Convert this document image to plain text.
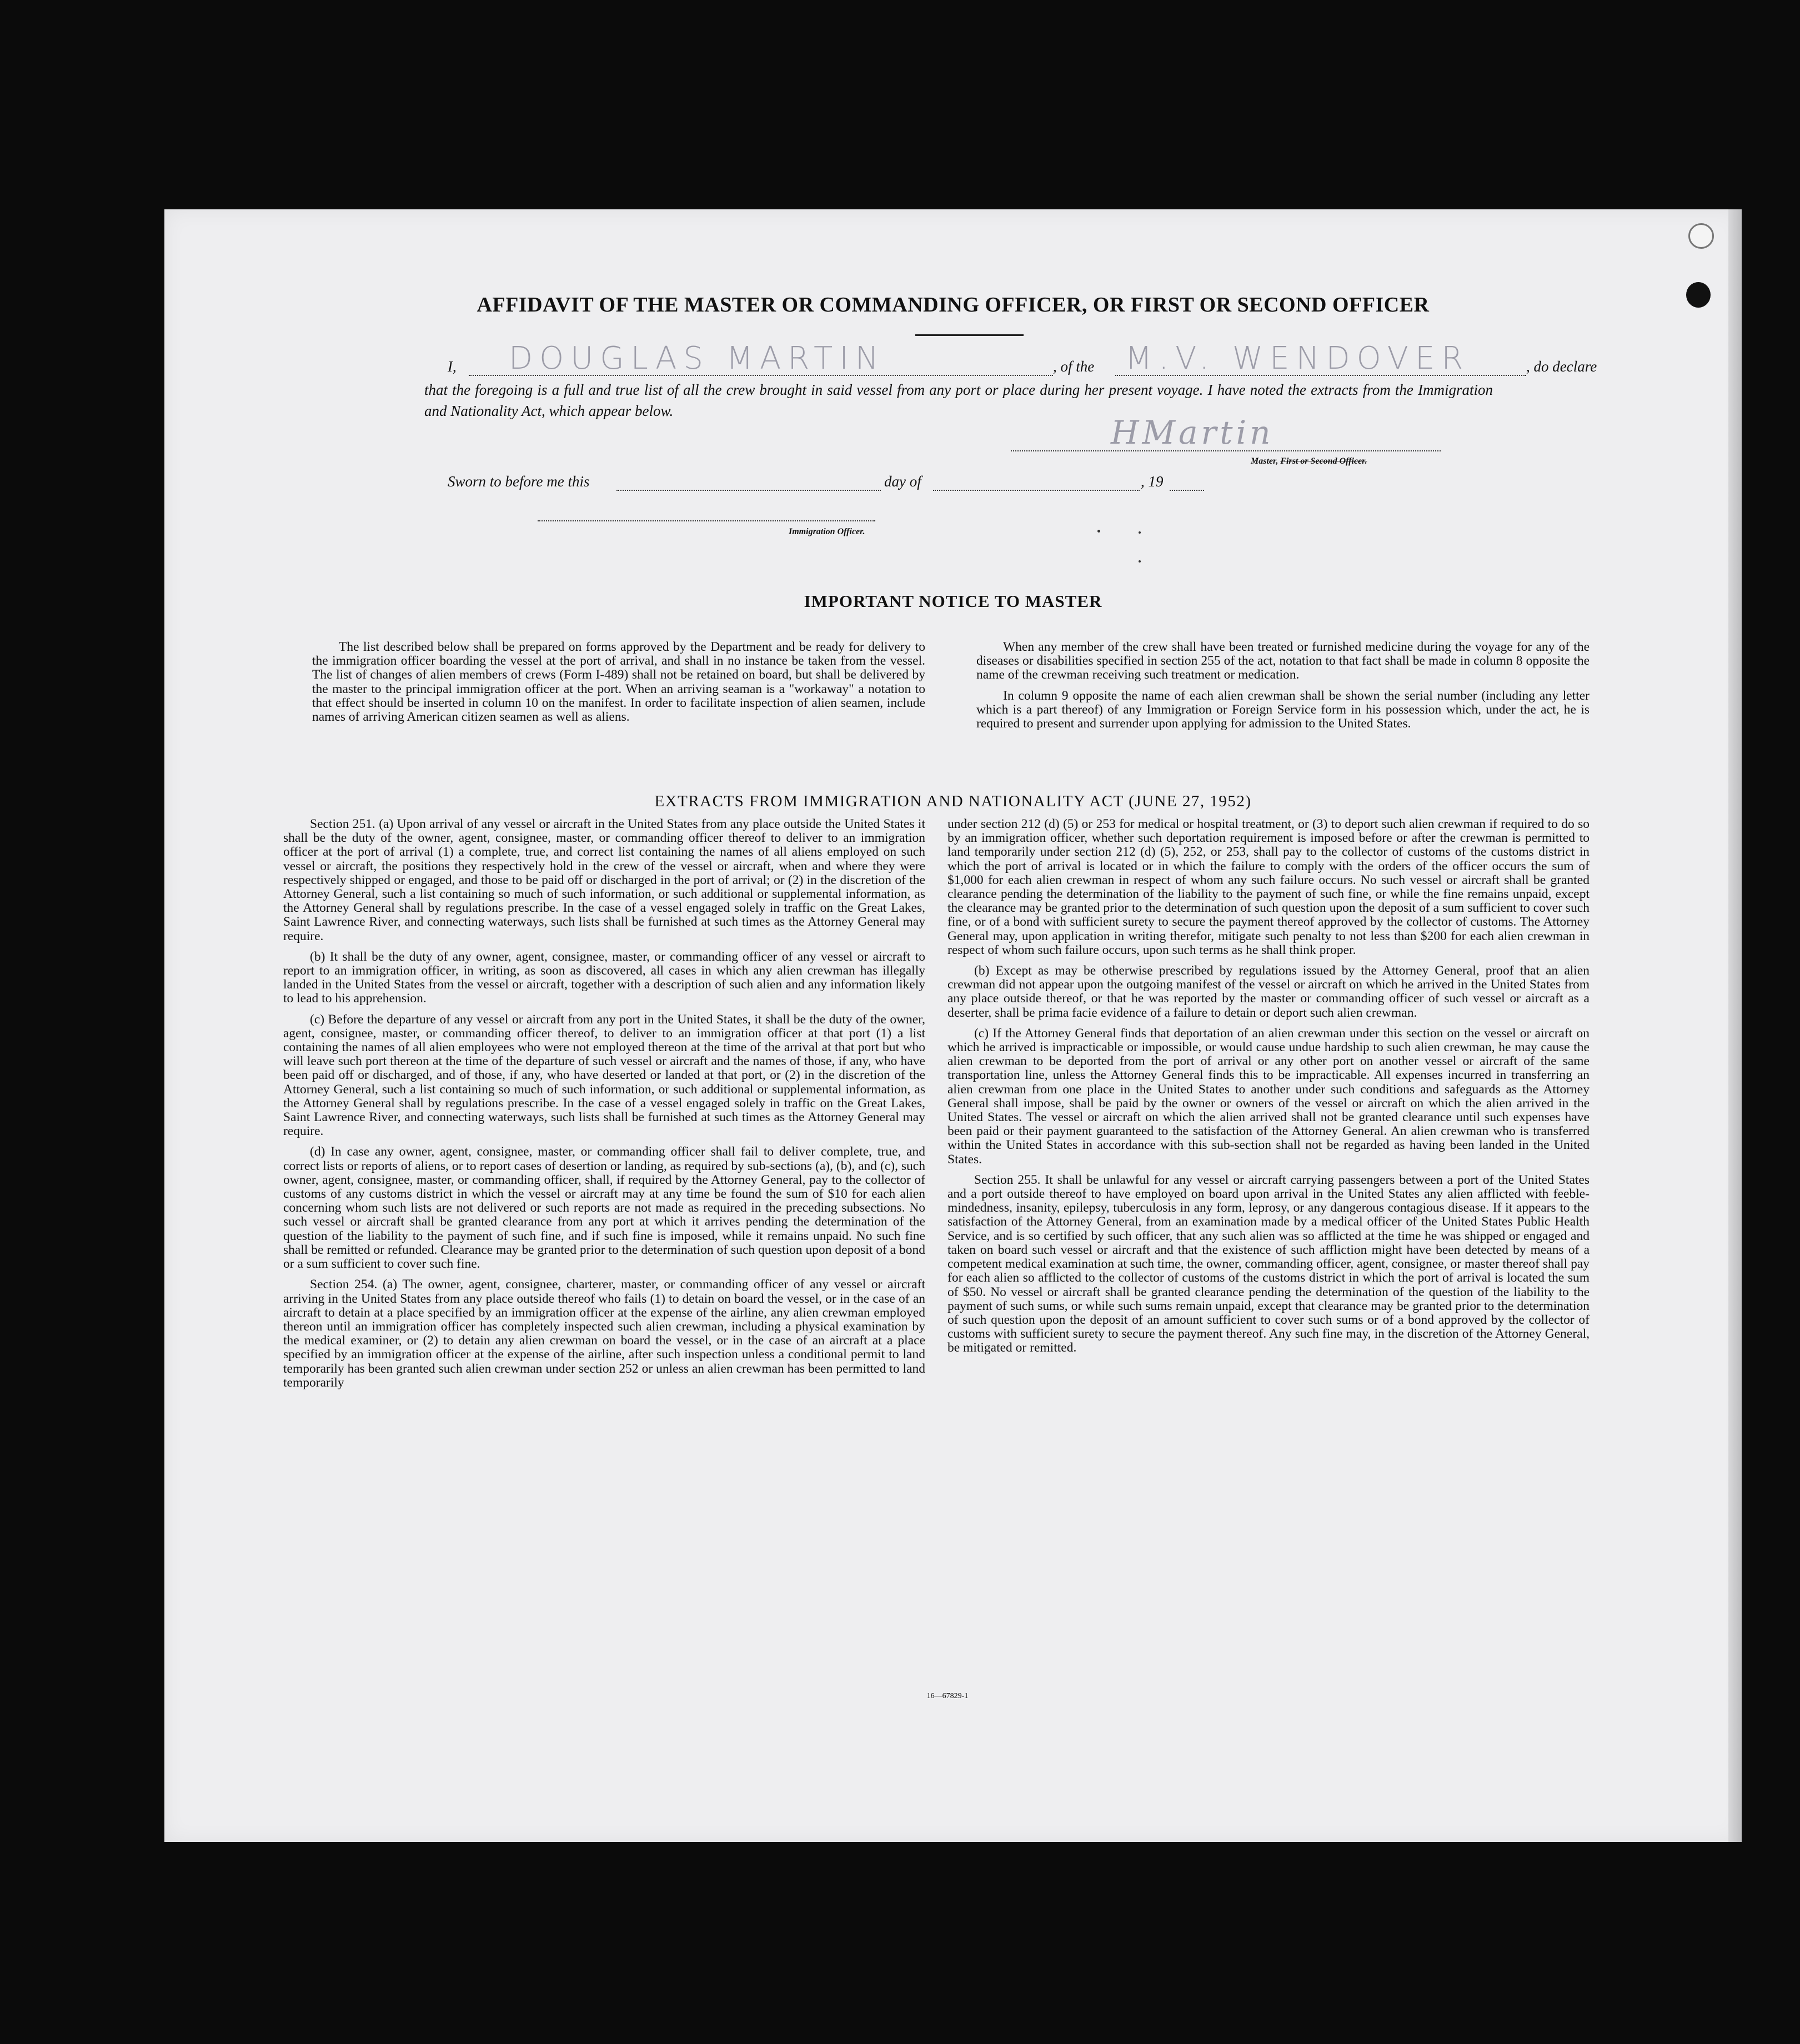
AFFIDAVIT OF THE MASTER OR COMMANDING OFFICER, OR FIRST OR SECOND OFFICER
I, DOUGLAS MARTIN	, of the M.V. WENDOVER	, do declare
that the foregoing is a full and true list of all the crew brought in said vessel from any port or place during her present voyage. I have noted the extracts from the Immigration and Nationality Act, which appear below.
HMartin
Master, First or Second Officer.
Sworn to before me this	day of	, 19
Immigration Officer.
IMPORTANT NOTICE TO MASTER

The list described below shall be prepared on forms approved by the Department and be ready for delivery to the immigration officer boarding the vessel at the port of arrival, and shall in no instance be taken from the vessel. The list of changes of alien members of crews (Form I-489) shall not be retained on board, but shall be delivered by the master to the principal immigration officer at the port. When an arriving seaman is a "workaway" a notation to that effect should be inserted in column 10 on the manifest. In order to facilitate inspection of alien seamen, include names of arriving American citizen seamen as well as aliens.

When any member of the crew shall have been treated or furnished medicine during the voyage for any of the diseases or disabilities specified in section 255 of the act, notation to that fact shall be made in column 8 opposite the name of the crewman receiving such treatment or medication.

In column 9 opposite the name of each alien crewman shall be shown the serial number (including any letter which is a part thereof) of any Immigration or Foreign Service form in his possession which, under the act, he is required to present and surrender upon applying for admission to the United States.

EXTRACTS FROM IMMIGRATION AND NATIONALITY ACT (JUNE 27, 1952)

Section 251. (a) Upon arrival of any vessel or aircraft in the United States from any place outside the United States it shall be the duty of the owner, agent, consignee, master, or commanding officer thereof to deliver to an immigration officer at the port of arrival (1) a complete, true, and correct list containing the names of all aliens employed on such vessel or aircraft, the positions they respectively hold in the crew of the vessel or aircraft, when and where they were respectively shipped or engaged, and those to be paid off or discharged in the port of arrival; or (2) in the discretion of the Attorney General, such a list containing so much of such information, or such additional or supplemental information, as the Attorney General shall by regulations prescribe. In the case of a vessel engaged solely in traffic on the Great Lakes, Saint Lawrence River, and connecting waterways, such lists shall be furnished at such times as the Attorney General may require.

(b) It shall be the duty of any owner, agent, consignee, master, or commanding officer of any vessel or aircraft to report to an immigration officer, in writing, as soon as discovered, all cases in which any alien crewman has illegally landed in the United States from the vessel or aircraft, together with a description of such alien and any information likely to lead to his apprehension.

(c) Before the departure of any vessel or aircraft from any port in the United States, it shall be the duty of the owner, agent, consignee, master, or commanding officer thereof, to deliver to an immigration officer at that port (1) a list containing the names of all alien employees who were not employed thereon at the time of the arrival at that port but who will leave such port thereon at the time of the departure of such vessel or aircraft and the names of those, if any, who have been paid off or discharged, and of those, if any, who have deserted or landed at that port, or (2) in the discretion of the Attorney General, such a list containing so much of such information, or such additional or supplemental information, as the Attorney General shall by regulations prescribe. In the case of a vessel engaged solely in traffic on the Great Lakes, Saint Lawrence River, and connecting waterways, such lists shall be furnished at such times as the Attorney General may require.

(d) In case any owner, agent, consignee, master, or commanding officer shall fail to deliver complete, true, and correct lists or reports of aliens, or to report cases of desertion or landing, as required by sub-sections (a), (b), and (c), such owner, agent, consignee, master, or commanding officer, shall, if required by the Attorney General, pay to the collector of customs of any customs district in which the vessel or aircraft may at any time be found the sum of $10 for each alien concerning whom such lists are not delivered or such reports are not made as required in the preceding subsections. No such vessel or aircraft shall be granted clearance from any port at which it arrives pending the determination of the question of the liability to the payment of such fine, and if such fine is imposed, while it remains unpaid. No such fine shall be remitted or refunded. Clearance may be granted prior to the determination of such question upon deposit of a bond or a sum sufficient to cover such fine.

Section 254. (a) The owner, agent, consignee, charterer, master, or commanding officer of any vessel or aircraft arriving in the United States from any place outside thereof who fails (1) to detain on board the vessel, or in the case of an aircraft to detain at a place specified by an immigration officer at the expense of the airline, any alien crewman employed thereon until an immigration officer has completely inspected such alien crewman, including a physical examination by the medical examiner, or (2) to detain any alien crewman on board the vessel, or in the case of an aircraft at a place specified by an immigration officer at the expense of the airline, after such inspection unless a conditional permit to land temporarily has been granted such alien crewman under section 252 or unless an alien crewman has been permitted to land temporarily

under section 212 (d) (5) or 253 for medical or hospital treatment, or (3) to deport such alien crewman if required to do so by an immigration officer, whether such deportation requirement is imposed before or after the crewman is permitted to land temporarily under section 212 (d) (5), 252, or 253, shall pay to the collector of customs of the customs district in which the port of arrival is located or in which the failure to comply with the orders of the officer occurs the sum of $1,000 for each alien crewman in respect of whom any such failure occurs. No such vessel or aircraft shall be granted clearance pending the determination of the liability to the payment of such fine, or while the fine remains unpaid, except the clearance may be granted prior to the determination of such question upon the deposit of a sum sufficient to cover such fine, or of a bond with sufficient surety to secure the payment thereof approved by the collector of customs. The Attorney General may, upon application in writing therefor, mitigate such penalty to not less than $200 for each alien crewman in respect of whom such failure occurs, upon such terms as he shall think proper.

(b) Except as may be otherwise prescribed by regulations issued by the Attorney General, proof that an alien crewman did not appear upon the outgoing manifest of the vessel or aircraft on which he arrived in the United States from any place outside thereof, or that he was reported by the master or commanding officer of such vessel or aircraft as a deserter, shall be prima facie evidence of a failure to detain or deport such alien crewman.

(c) If the Attorney General finds that deportation of an alien crewman under this section on the vessel or aircraft on which he arrived is impracticable or impossible, or would cause undue hardship to such alien crewman, he may cause the alien crewman to be deported from the port of arrival or any other port on another vessel or aircraft of the same transportation line, unless the Attorney General finds this to be impracticable. All expenses incurred in transferring an alien crewman from one place in the United States to another under such conditions and safeguards as the Attorney General shall impose, shall be paid by the owner or owners of the vessel or aircraft on which the alien arrived in the United States. The vessel or aircraft on which the alien arrived shall not be granted clearance until such expenses have been paid or their payment guaranteed to the satisfaction of the Attorney General. An alien crewman who is transferred within the United States in accordance with this sub-section shall not be regarded as having been landed in the United States.

Section 255. It shall be unlawful for any vessel or aircraft carrying passengers between a port of the United States and a port outside thereof to have employed on board upon arrival in the United States any alien afflicted with feeble-mindedness, insanity, epilepsy, tuberculosis in any form, leprosy, or any dangerous contagious disease. If it appears to the satisfaction of the Attorney General, from an examination made by a medical officer of the United States Public Health Service, and is so certified by such officer, that any such alien was so afflicted at the time he was shipped or engaged and taken on board such vessel or aircraft and that the existence of such affliction might have been detected by means of a competent medical examination at such time, the owner, commanding officer, agent, consignee, or master thereof shall pay for each alien so afflicted to the collector of customs of the customs district in which the port of arrival is located the sum of $50. No vessel or aircraft shall be granted clearance pending the determination of the question of the liability to the payment of such sums, or while such sums remain unpaid, except that clearance may be granted prior to the determination of such question upon the deposit of an amount sufficient to cover such sums or of a bond approved by the collector of customs with sufficient surety to secure the payment thereof. Any such fine may, in the discretion of the Attorney General, be mitigated or remitted.

16—67829-1
